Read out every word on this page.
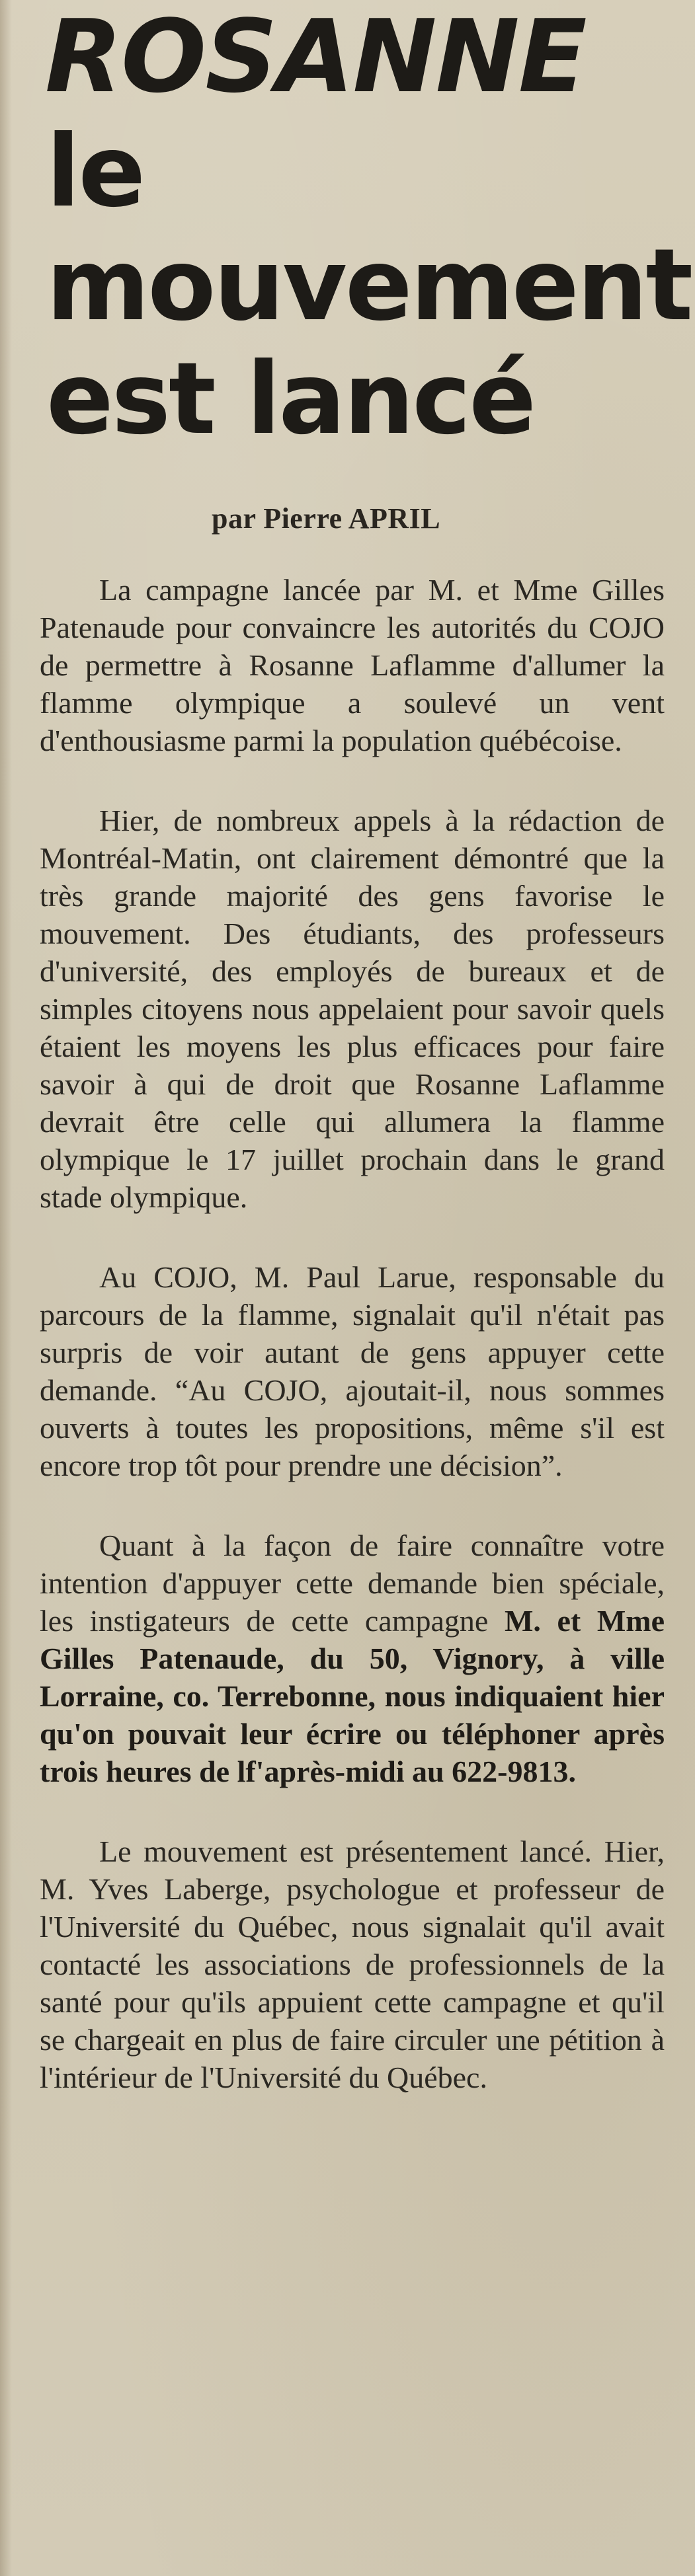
ROSANNE
le
mouvement
est lancé
par Pierre APRIL

La campagne lancée par M. et Mme Gilles Patenaude pour convaincre les autorités du COJO de permettre à Rosanne Laflamme d'allumer la flamme olympique a soulevé un vent d'enthousiasme parmi la population québécoise.

Hier, de nombreux appels à la rédaction de Montréal-Matin, ont clairement démontré que la très grande majorité des gens favorise le mouvement. Des étudiants, des professeurs d'université, des employés de bureaux et de simples citoyens nous appelaient pour savoir quels étaient les moyens les plus efficaces pour faire savoir à qui de droit que Rosanne Laflamme devrait être celle qui allumera la flamme olympique le 17 juillet prochain dans le grand stade olympique.

Au COJO, M. Paul Larue, responsable du parcours de la flamme, signalait qu'il n'était pas surpris de voir autant de gens appuyer cette demande. “Au COJO, ajoutait-il, nous sommes ouverts à toutes les propositions, même s'il est encore trop tôt pour prendre une décision”.

Quant à la façon de faire connaître votre intention d'appuyer cette demande bien spéciale, les instigateurs de cette campagne M. et Mme Gilles Patenaude, du 50, Vignory, à ville Lorraine, co. Terrebonne, nous indiquaient hier qu'on pouvait leur écrire ou téléphoner après trois heures de lf'après-midi au 622-9813.

Le mouvement est présentement lancé. Hier, M. Yves Laberge, psychologue et professeur de l'Université du Québec, nous signalait qu'il avait contacté les associations de professionnels de la santé pour qu'ils appuient cette campagne et qu'il se chargeait en plus de faire circuler une pétition à l'intérieur de l'Université du Québec.
